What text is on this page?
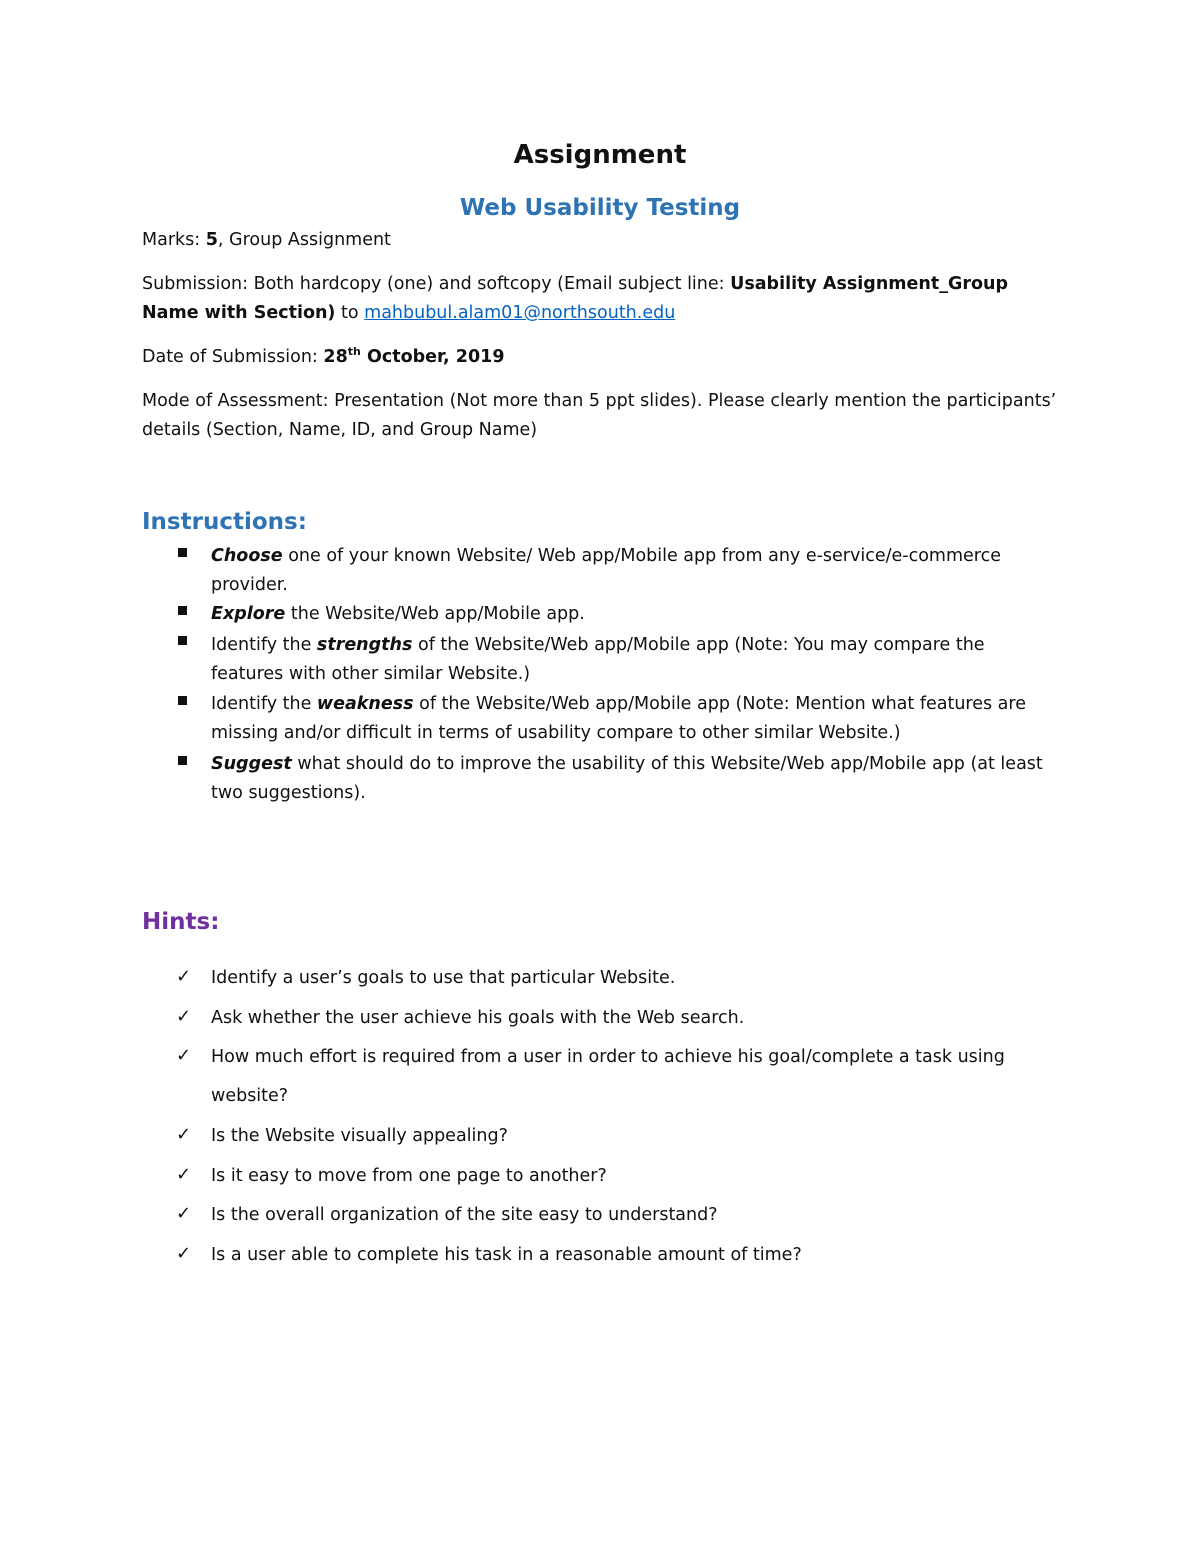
Assignment
Web Usability Testing
Marks: 5, Group Assignment
Submission: Both hardcopy (one) and softcopy (Email subject line: Usability Assignment_Group Name with Section) to mahbubul.alam01@northsouth.edu
Date of Submission: 28th October, 2019
Mode of Assessment: Presentation (Not more than 5 ppt slides). Please clearly mention the participants’ details (Section, Name, ID, and Group Name)
Instructions:
Choose one of your known Website/ Web app/Mobile app from any e-service/e-commerce provider.
Explore the Website/Web app/Mobile app.
Identify the strengths of the Website/Web app/Mobile app (Note: You may compare the features with other similar Website.)
Identify the weakness of the Website/Web app/Mobile app (Note: Mention what features are missing and/or difficult in terms of usability compare to other similar Website.)
Suggest what should do to improve the usability of this Website/Web app/Mobile app (at least two suggestions).
Hints:
✓ Identify a user’s goals to use that particular Website.
✓ Ask whether the user achieve his goals with the Web search.
✓ How much effort is required from a user in order to achieve his goal/complete a task using website?
✓ Is the Website visually appealing?
✓ Is it easy to move from one page to another?
✓ Is the overall organization of the site easy to understand?
✓ Is a user able to complete his task in a reasonable amount of time?
